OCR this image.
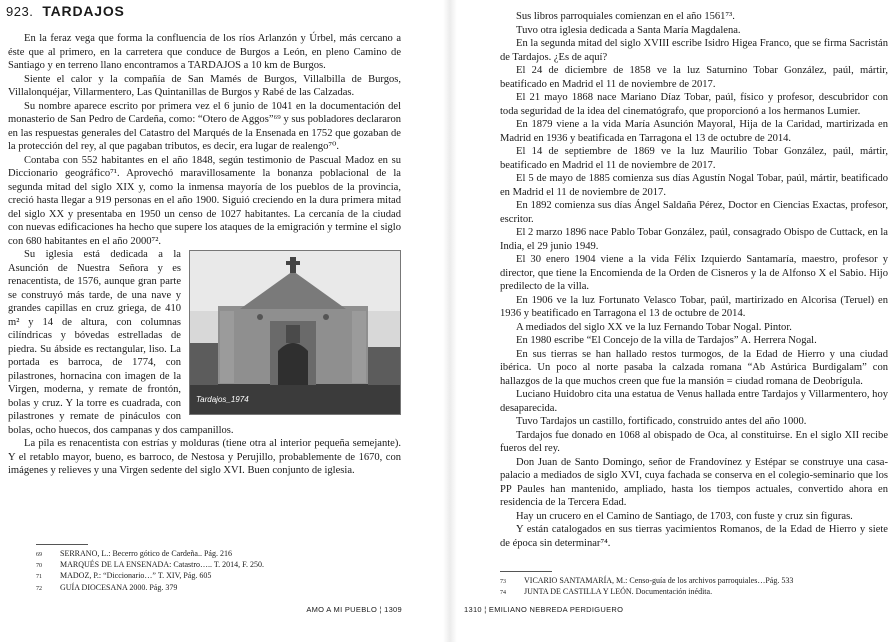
923. TARDAJOS

En la feraz vega que forma la confluencia de los ríos Arlanzón y Úrbel, más cercano a éste que al primero, en la carretera que conduce de Burgos a León, en pleno Camino de Santiago y en terreno llano encontramos a TARDAJOS a 10 km de Burgos.

Siente el calor y la compañía de San Mamés de Burgos, Villalbilla de Burgos, Villalonquéjar, Villarmentero, Las Quintanillas de Burgos y Rabé de las Calzadas.

Su nombre aparece escrito por primera vez el 6 junio de 1041 en la documentación del monasterio de San Pedro de Cardeña, como: “Otero de Aggos”⁶⁹ y sus pobladores declararon en las respuestas generales del Catastro del Marqués de la Ensenada en 1752 que gozaban de la protección del rey, al que pagaban tributos, es decir, era lugar de realengo⁷⁰.

Contaba con 552 habitantes en el año 1848, según testimonio de Pascual Madoz en su Diccionario geográfico⁷¹. Aprovechó maravillosamente la bonanza poblacional de la segunda mitad del siglo XIX y, como la inmensa mayoría de los pueblos de la provincia, creció hasta llegar a 919 personas en el año 1900. Siguió creciendo en la dura primera mitad del siglo XX y presentaba en 1950 un censo de 1027 habitantes. La cercanía de la ciudad con nuevas edificaciones ha hecho que supere los ataques de la emigración y termine el siglo con 680 habitantes en el año 2000⁷².

Tardajos_1974

Su iglesia está dedicada a la Asunción de Nuestra Señora y es renacentista, de 1576, aunque gran parte se construyó más tarde, de una nave y grandes capillas en cruz griega, de 410 m² y 14 de altura, con columnas cilíndricas y bóvedas estrelladas de piedra. Su ábside es rectangular, liso. La portada es barroca, de 1774, con pilastrones, hornacina con imagen de la Virgen, moderna, y remate de frontón, bolas y cruz. Y la torre es cuadrada, con pilastrones y remate de pináculos con bolas, ocho huecos, dos campanas y dos campanillos.

La pila es renacentista con estrías y molduras (tiene otra al interior pequeña semejante). Y el retablo mayor, bueno, es barroco, de Nestosa y Perujillo, probablemente de 1670, con imágenes y relieves y una Virgen sedente del siglo XVI. Buen conjunto de iglesia.

69	SERRANO, L.: Becerro gótico de Cardeña.. Pág. 216
70	MARQUÉS DE LA ENSENADA: Catastro….. T. 2014, F. 250.
71	MADOZ, P.: “Diccionario…” T. XIV, Pág. 605
72	GUÍA DIOCESANA 2000. Pág. 379
AMO A MI PUEBLO ¦ 1309

Sus libros parroquiales comienzan en el año 1561⁷³.

Tuvo otra iglesia dedicada a Santa María Magdalena.

En la segunda mitad del siglo XVIII escribe Isidro Higea Franco, que se firma Sacristán de Tardajos. ¿Es de aquí?

El 24 de diciembre de 1858 ve la luz Saturnino Tobar González, paúl, mártir, beatificado en Madrid el 11 de noviembre de 2017.

El 21 mayo 1868 nace Mariano Díaz Tobar, paúl, físico y profesor, descubridor con toda seguridad de la idea del cinematógrafo, que proporcionó a los hermanos Lumier.

En 1879 viene a la vida María Asunción Mayoral, Hija de la Caridad, martirizada en Madrid en 1936 y beatificada en Tarragona el 13 de octubre de 2014.

El 14 de septiembre de 1869 ve la luz Maurilio Tobar González, paúl, mártir, beatificado en Madrid el 11 de noviembre de 2017.

El 5 de mayo de 1885 comienza sus días Agustín Nogal Tobar, paúl, mártir, beatificado en Madrid el 11 de noviembre de 2017.

En 1892 comienza sus días Ángel Saldaña Pérez, Doctor en Ciencias Exactas, profesor, escritor.

El 2 marzo 1896 nace Pablo Tobar González, paúl, consagrado Obispo de Cuttack, en la India, el 29 junio 1949.

El 30 enero 1904 viene a la vida Félix Izquierdo Santamaría, maestro, profesor y director, que tiene la Encomienda de la Orden de Cisneros y la de Alfonso X el Sabio. Hijo predilecto de la villa.

En 1906 ve la luz Fortunato Velasco Tobar, paúl, martirizado en Alcorisa (Teruel) en 1936 y beatificado en Tarragona el 13 de octubre de 2014.

A mediados del siglo XX ve la luz Fernando Tobar Nogal. Pintor.

En 1980 escribe “El Concejo de la villa de Tardajos” A. Herrera Nogal.

En sus tierras se han hallado restos turmogos, de la Edad de Hierro y una ciudad ibérica. Un poco al norte pasaba la calzada romana “Ab Astúrica Burdigalam” con hallazgos de la que muchos creen que fue la mansión = ciudad romana de Deobrígula.

Luciano Huidobro cita una estatua de Venus hallada entre Tardajos y Villarmentero, hoy desaparecida.

Tuvo Tardajos un castillo, fortificado, construido antes del año 1000.

Tardajos fue donado en 1068 al obispado de Oca, al constituirse. En el siglo XII recibe fueros del rey.

Don Juan de Santo Domingo, señor de Frandovínez y Estépar se construye una casa-palacio a mediados de siglo XVI, cuya fachada se conserva en el colegio-seminario que los PP Paules han mantenido, ampliado, hasta los tiempos actuales, convertido ahora en residencia de la Tercera Edad.

Hay un crucero en el Camino de Santiago, de 1703, con fuste y cruz sin figuras.

Y están catalogados en sus tierras yacimientos Romanos, de la Edad de Hierro y siete de época sin determinar⁷⁴.

73	VICARIO SANTAMARÍA, M.: Censo-guía de los archivos parroquiales…Pág. 533
74	JUNTA DE CASTILLA Y LEÓN. Documentación inédita.
1310 ¦ EMILIANO NEBREDA PERDIGUERO
